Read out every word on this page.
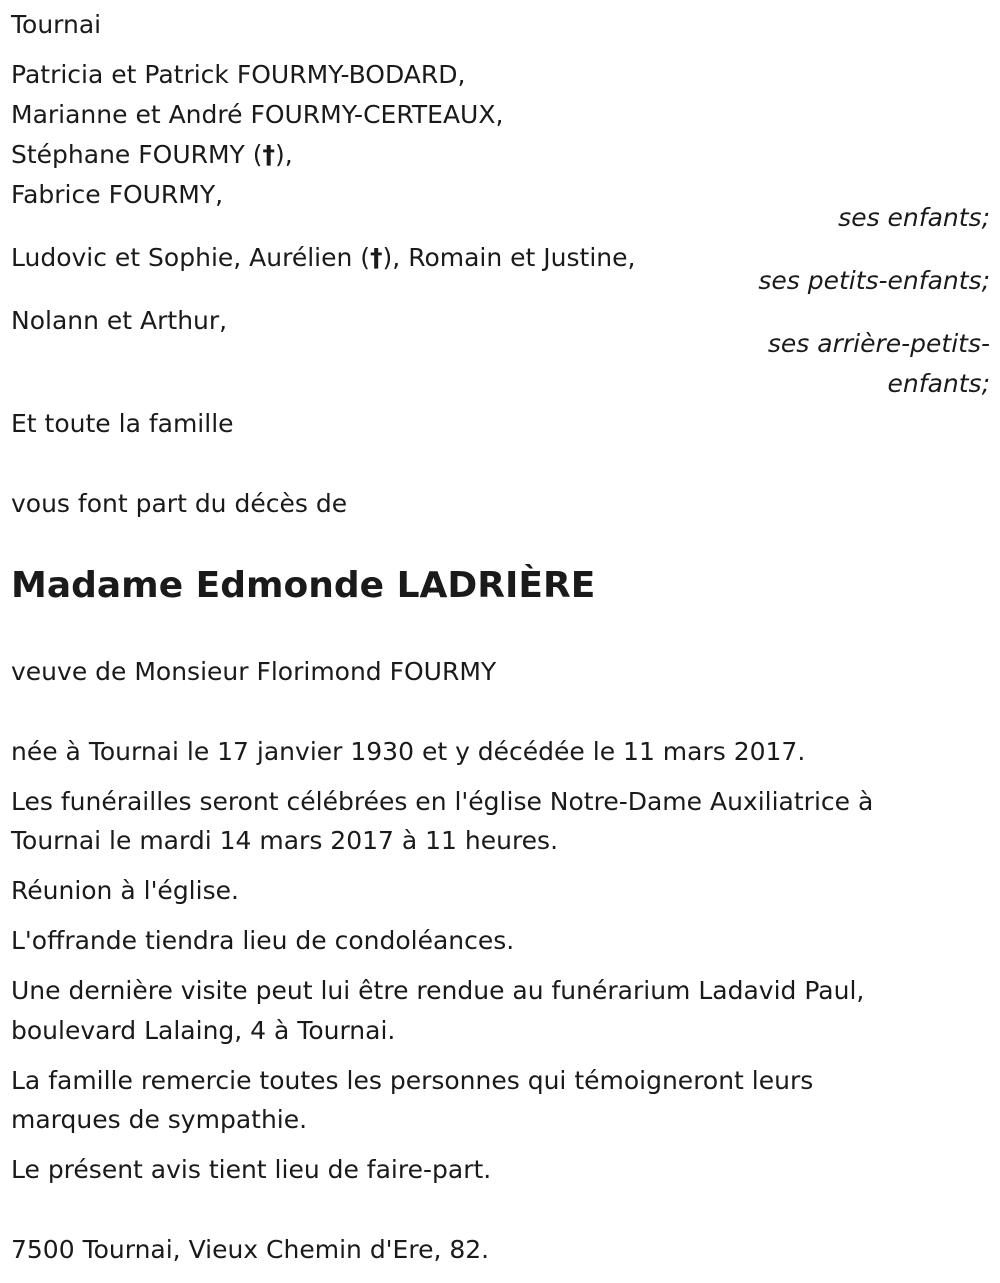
Tournai
Patricia et Patrick FOURMY-BODARD,
Marianne et André FOURMY-CERTEAUX,
Stéphane FOURMY (†),
Fabrice FOURMY,
ses enfants;
Ludovic et Sophie, Aurélien (†), Romain et Justine,
ses petits-enfants;
Nolann et Arthur,
ses arrière-petits-
enfants;
Et toute la famille
vous font part du décès de
Madame Edmonde LADRIÈRE
veuve de Monsieur Florimond FOURMY
née à Tournai le 17 janvier 1930 et y décédée le 11 mars 2017.
Les funérailles seront célébrées en l'église Notre-Dame Auxiliatrice à
Tournai le mardi 14 mars 2017 à 11 heures.
Réunion à l'église.
L'offrande tiendra lieu de condoléances.
Une dernière visite peut lui être rendue au funérarium Ladavid Paul,
boulevard Lalaing, 4 à Tournai.
La famille remercie toutes les personnes qui témoigneront leurs
marques de sympathie.
Le présent avis tient lieu de faire-part.
7500 Tournai, Vieux Chemin d'Ere, 82.
